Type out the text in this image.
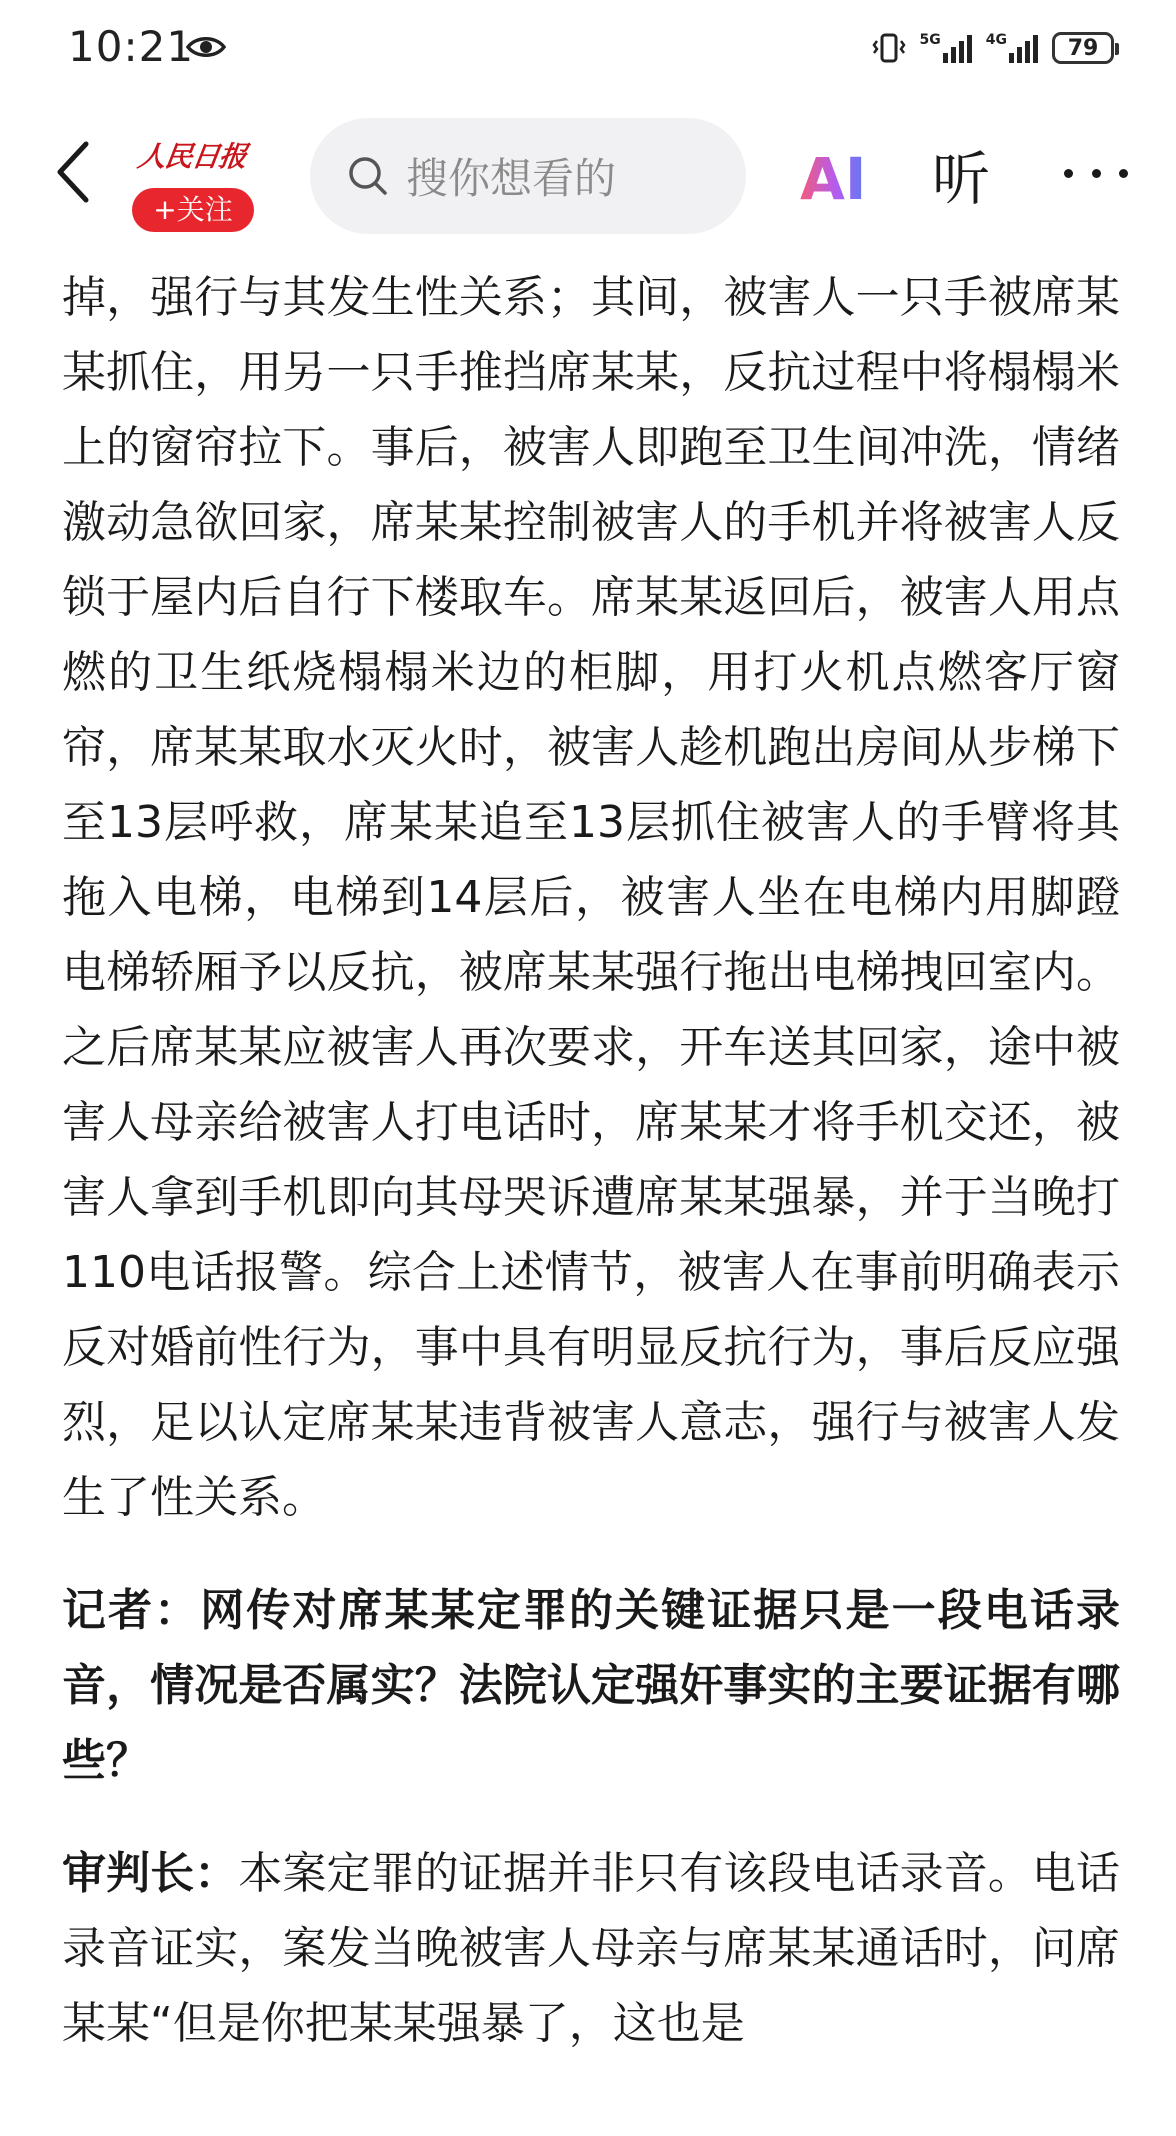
10:21	5G	4G	79
人民日报
+关注
搜你想看的	AI 听

掉，强行与其发生性关系；其间，被害人一只手被席某某抓住，用另一只手推挡席某某，反抗过程中将榻榻米上的窗帘拉下。事后，被害人即跑至卫生间冲洗，情绪激动急欲回家，席某某控制被害人的手机并将被害人反锁于屋内后自行下楼取车。席某某返回后，被害人用点燃的卫生纸烧榻榻米边的柜脚，用打火机点燃客厅窗帘，席某某取水灭火时，被害人趁机跑出房间从步梯下至13层呼救，席某某追至13层抓住被害人的手臂将其拖入电梯，电梯到14层后，被害人坐在电梯内用脚蹬电梯轿厢予以反抗，被席某某强行拖出电梯拽回室内。之后席某某应被害人再次要求，开车送其回家，途中被害人母亲给被害人打电话时，席某某才将手机交还，被害人拿到手机即向其母哭诉遭席某某强暴，并于当晚打110电话报警。综合上述情节，被害人在事前明确表示反对婚前性行为，事中具有明显反抗行为，事后反应强烈，足以认定席某某违背被害人意志，强行与被害人发生了性关系。

记者：网传对席某某定罪的关键证据只是一段电话录音，情况是否属实？法院认定强奸事实的主要证据有哪些？

审判长：本案定罪的证据并非只有该段电话录音。电话录音证实，案发当晚被害人母亲与席某某通话时，问席某某“但是你把某某强暴了，这也是
